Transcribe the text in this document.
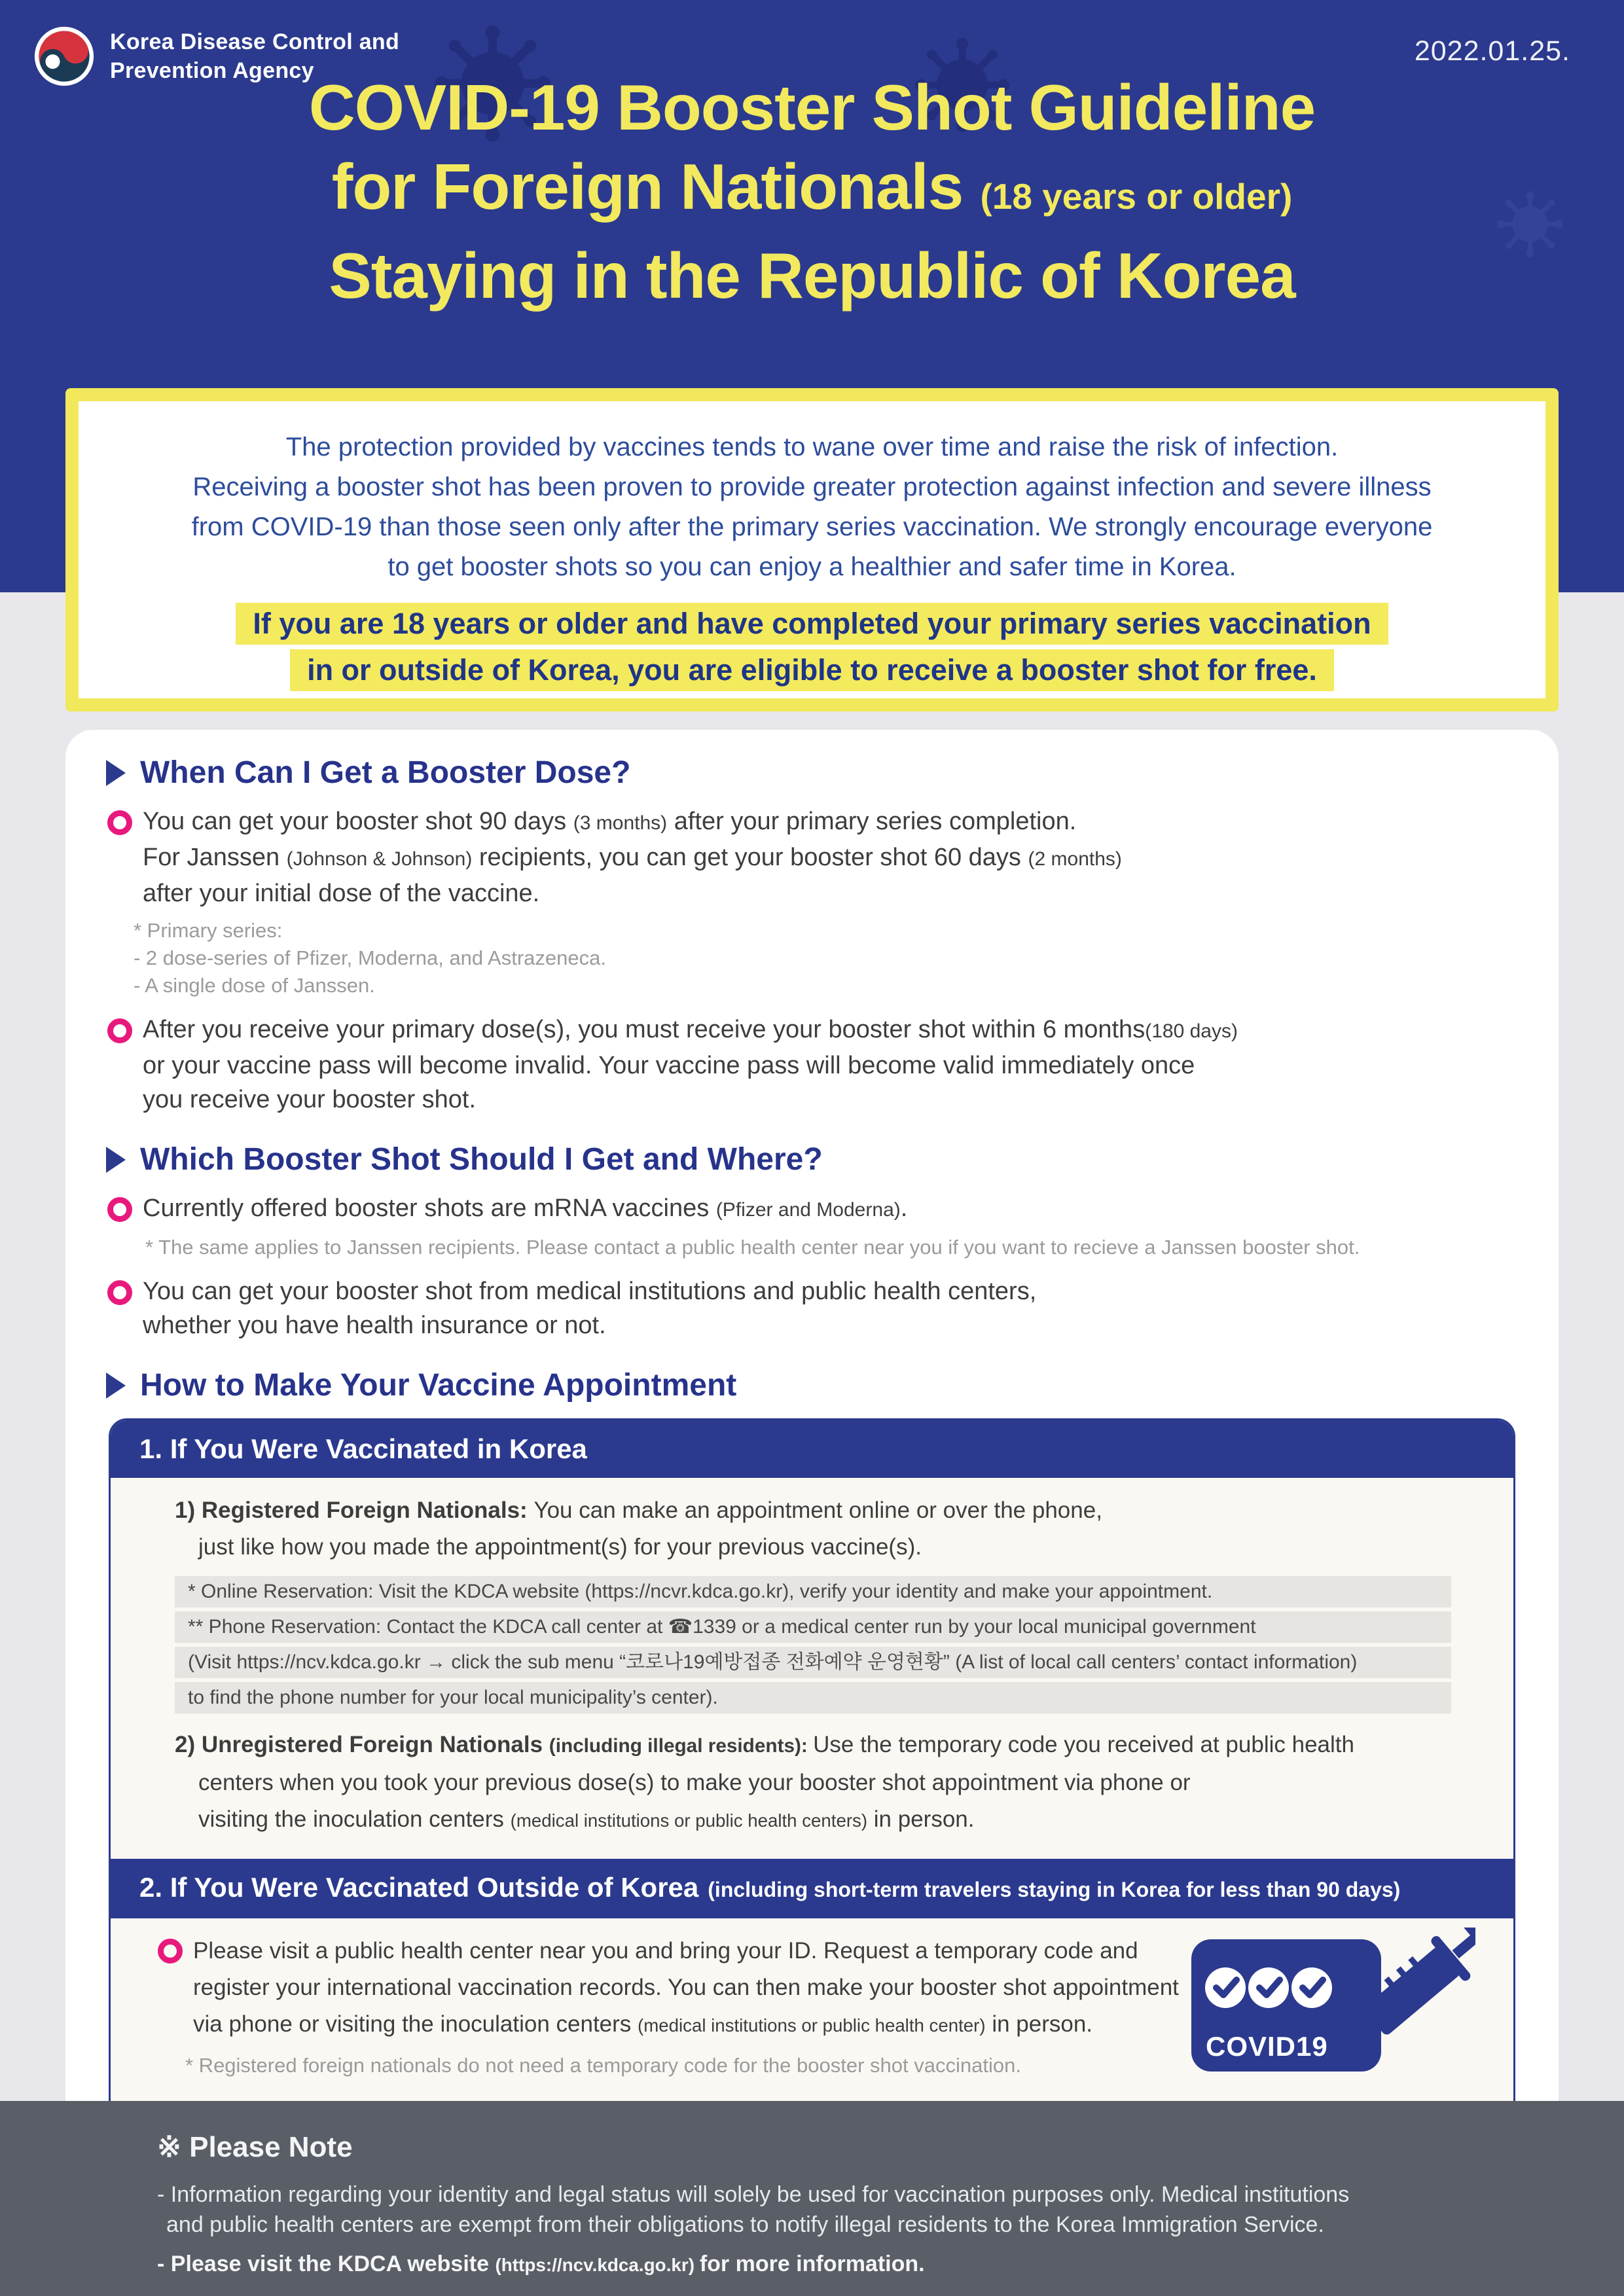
Korea Disease Control and
Prevention Agency
2022.01.25.
COVID-19 Booster Shot Guideline
for Foreign Nationals (18 years or older)
Staying in the Republic of Korea
The protection provided by vaccines tends to wane over time and raise the risk of infection.
Receiving a booster shot has been proven to provide greater protection against infection and severe illness
from COVID-19 than those seen only after the primary series vaccination. We strongly encourage everyone
to get booster shots so you can enjoy a healthier and safer time in Korea.
If you are 18 years or older and have completed your primary series vaccination
in or outside of Korea, you are eligible to receive a booster shot for free.
When Can I Get a Booster Dose?
You can get your booster shot 90 days (3 months) after your primary series completion.
For Janssen (Johnson & Johnson) recipients, you can get your booster shot 60 days (2 months)
after your initial dose of the vaccine.
* Primary series:
- 2 dose-series of Pfizer, Moderna, and Astrazeneca.
- A single dose of Janssen.
After you receive your primary dose(s), you must receive your booster shot within 6 months(180 days)
or your vaccine pass will become invalid. Your vaccine pass will become valid immediately once
you receive your booster shot.
Which Booster Shot Should I Get and Where?
Currently offered booster shots are mRNA vaccines (Pfizer and Moderna).
* The same applies to Janssen recipients. Please contact a public health center near you if you want to recieve a Janssen booster shot.
You can get your booster shot from medical institutions and public health centers,
whether you have health insurance or not.
How to Make Your Vaccine Appointment
1. If You Were Vaccinated in Korea
1) Registered Foreign Nationals: You can make an appointment online or over the phone,
just like how you made the appointment(s) for your previous vaccine(s).
* Online Reservation: Visit the KDCA website (https://ncvr.kdca.go.kr), verify your identity and make your appointment.
** Phone Reservation: Contact the KDCA call center at ☎1339 or a medical center run by your local municipal government
(Visit https://ncv.kdca.go.kr → click the sub menu “코로나19예방접종 전화예약 운영현황” (A list of local call centers’ contact information)
to find the phone number for your local municipality’s center).
2) Unregistered Foreign Nationals (including illegal residents): Use the temporary code you received at public health
centers when you took your previous dose(s) to make your booster shot appointment via phone or
visiting the inoculation centers (medical institutions or public health centers) in person.
2. If You Were Vaccinated Outside of Korea (including short-term travelers staying in Korea for less than 90 days)
Please visit a public health center near you and bring your ID. Request a temporary code and
register your international vaccination records. You can then make your booster shot appointment
via phone or visiting the inoculation centers (medical institutions or public health center) in person.
* Registered foreign nationals do not need a temporary code for the booster shot vaccination.
COVID19
※ Please Note
- Information regarding your identity and legal status will solely be used for vaccination purposes only. Medical institutions
and public health centers are exempt from their obligations to notify illegal residents to the Korea Immigration Service.
- Please visit the KDCA website (https://ncv.kdca.go.kr) for more information.
